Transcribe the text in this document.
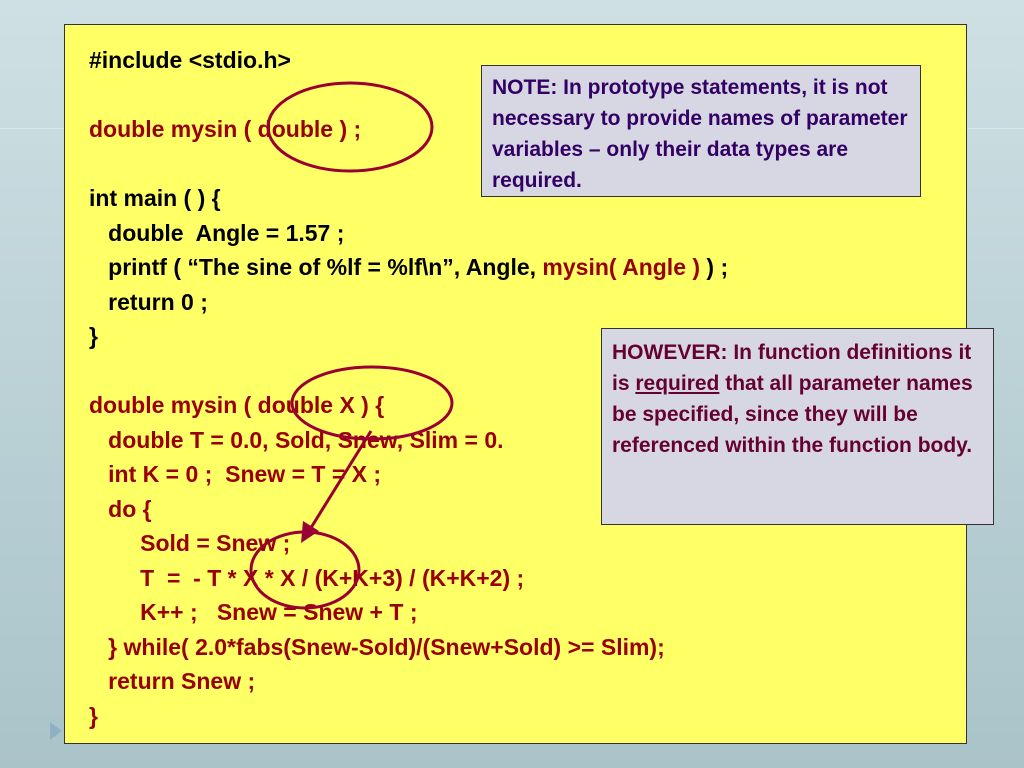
#include <stdio.h>
double mysin ( double ) ;
int main ( ) {
double  Angle = 1.57 ;
printf ( “The sine of %lf = %lf\n”, Angle, mysin( Angle ) ) ;
return 0 ;
}
double mysin ( double X ) {
double T = 0.0, Sold, Snew, Slim = 0.
int K = 0 ;  Snew = T = X ;
do {
Sold = Snew ;
T  =  - T * X * X / (K+K+3) / (K+K+2) ;
K++ ;   Snew = Snew + T ;
} while( 2.0*fabs(Snew-Sold)/(Snew+Sold) >= Slim);
return Snew ;
}
NOTE: In prototype statements, it is not necessary to provide names of parameter variables – only their data types are required.
HOWEVER: In function definitions it is required that all parameter names be specified, since they will be referenced within the function body.
